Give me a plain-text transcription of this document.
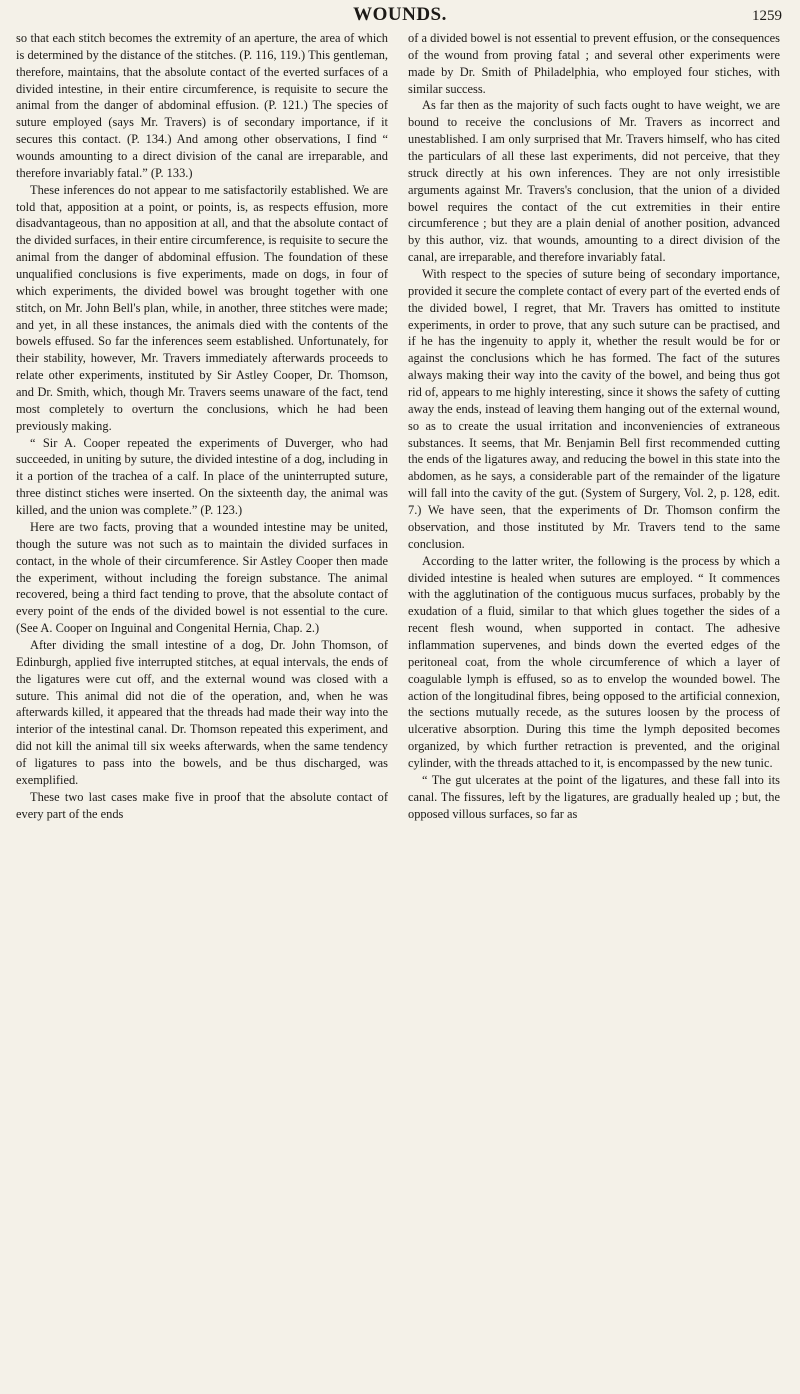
WOUNDS.	1259

so that each stitch becomes the extremity of an aperture, the area of which is determined by the distance of the stitches. (P. 116, 119.) This gentleman, therefore, maintains, that the absolute contact of the everted surfaces of a divided intestine, in their entire circumference, is requisite to secure the animal from the danger of abdominal effusion. (P. 121.) The species of suture employed (says Mr. Travers) is of secondary importance, if it secures this contact. (P. 134.) And among other observations, I find “ wounds amounting to a direct division of the canal are irreparable, and therefore invariably fatal.” (P. 133.)

These inferences do not appear to me satisfactorily established. We are told that, apposition at a point, or points, is, as respects effusion, more disadvantageous, than no apposition at all, and that the absolute contact of the divided surfaces, in their entire circumference, is requisite to secure the animal from the danger of abdominal effusion. The foundation of these unqualified conclusions is five experiments, made on dogs, in four of which experiments, the divided bowel was brought together with one stitch, on Mr. John Bell's plan, while, in another, three stitches were made; and yet, in all these instances, the animals died with the contents of the bowels effused. So far the inferences seem established. Unfortunately, for their stability, however, Mr. Travers immediately afterwards proceeds to relate other experiments, instituted by Sir Astley Cooper, Dr. Thomson, and Dr. Smith, which, though Mr. Travers seems unaware of the fact, tend most completely to overturn the conclusions, which he had been previously making.

“ Sir A. Cooper repeated the experiments of Duverger, who had succeeded, in uniting by suture, the divided intestine of a dog, including in it a portion of the trachea of a calf. In place of the uninterrupted suture, three distinct stiches were inserted. On the sixteenth day, the animal was killed, and the union was complete.” (P. 123.)

Here are two facts, proving that a wounded intestine may be united, though the suture was not such as to maintain the divided surfaces in contact, in the whole of their circumference. Sir Astley Cooper then made the experiment, without including the foreign substance. The animal recovered, being a third fact tending to prove, that the absolute contact of every point of the ends of the divided bowel is not essential to the cure. (See A. Cooper on Inguinal and Congenital Hernia, Chap. 2.)

After dividing the small intestine of a dog, Dr. John Thomson, of Edinburgh, applied five interrupted stitches, at equal intervals, the ends of the ligatures were cut off, and the external wound was closed with a suture. This animal did not die of the operation, and, when he was afterwards killed, it appeared that the threads had made their way into the interior of the intestinal canal. Dr. Thomson repeated this experiment, and did not kill the animal till six weeks afterwards, when the same tendency of ligatures to pass into the bowels, and be thus discharged, was exemplified.

These two last cases make five in proof that the absolute contact of every part of the ends

of a divided bowel is not essential to prevent effusion, or the consequences of the wound from proving fatal ; and several other experiments were made by Dr. Smith of Philadelphia, who employed four stiches, with similar success.

As far then as the majority of such facts ought to have weight, we are bound to receive the conclusions of Mr. Travers as incorrect and unestablished. I am only surprised that Mr. Travers himself, who has cited the particulars of all these last experiments, did not perceive, that they struck directly at his own inferences. They are not only irresistible arguments against Mr. Travers's conclusion, that the union of a divided bowel requires the contact of the cut extremities in their entire circumference ; but they are a plain denial of another position, advanced by this author, viz. that wounds, amounting to a direct division of the canal, are irreparable, and therefore invariably fatal.

With respect to the species of suture being of secondary importance, provided it secure the complete contact of every part of the everted ends of the divided bowel, I regret, that Mr. Travers has omitted to institute experiments, in order to prove, that any such suture can be practised, and if he has the ingenuity to apply it, whether the result would be for or against the conclusions which he has formed. The fact of the sutures always making their way into the cavity of the bowel, and being thus got rid of, appears to me highly interesting, since it shows the safety of cutting away the ends, instead of leaving them hanging out of the external wound, so as to create the usual irritation and inconveniencies of extraneous substances. It seems, that Mr. Benjamin Bell first recommended cutting the ends of the ligatures away, and reducing the bowel in this state into the abdomen, as he says, a considerable part of the remainder of the ligature will fall into the cavity of the gut. (System of Surgery, Vol. 2, p. 128, edit. 7.) We have seen, that the experiments of Dr. Thomson confirm the observation, and those instituted by Mr. Travers tend to the same conclusion.

According to the latter writer, the following is the process by which a divided intestine is healed when sutures are employed. “ It commences with the agglutination of the contiguous mucus surfaces, probably by the exudation of a fluid, similar to that which glues together the sides of a recent flesh wound, when supported in contact. The adhesive inflammation supervenes, and binds down the everted edges of the peritoneal coat, from the whole circumference of which a layer of coagulable lymph is effused, so as to envelop the wounded bowel. The action of the longitudinal fibres, being opposed to the artificial connexion, the sections mutually recede, as the sutures loosen by the process of ulcerative absorption. During this time the lymph deposited becomes organized, by which further retraction is prevented, and the original cylinder, with the threads attached to it, is encompassed by the new tunic.

“ The gut ulcerates at the point of the ligatures, and these fall into its canal. The fissures, left by the ligatures, are gradually healed up ; but, the opposed villous surfaces, so far as
